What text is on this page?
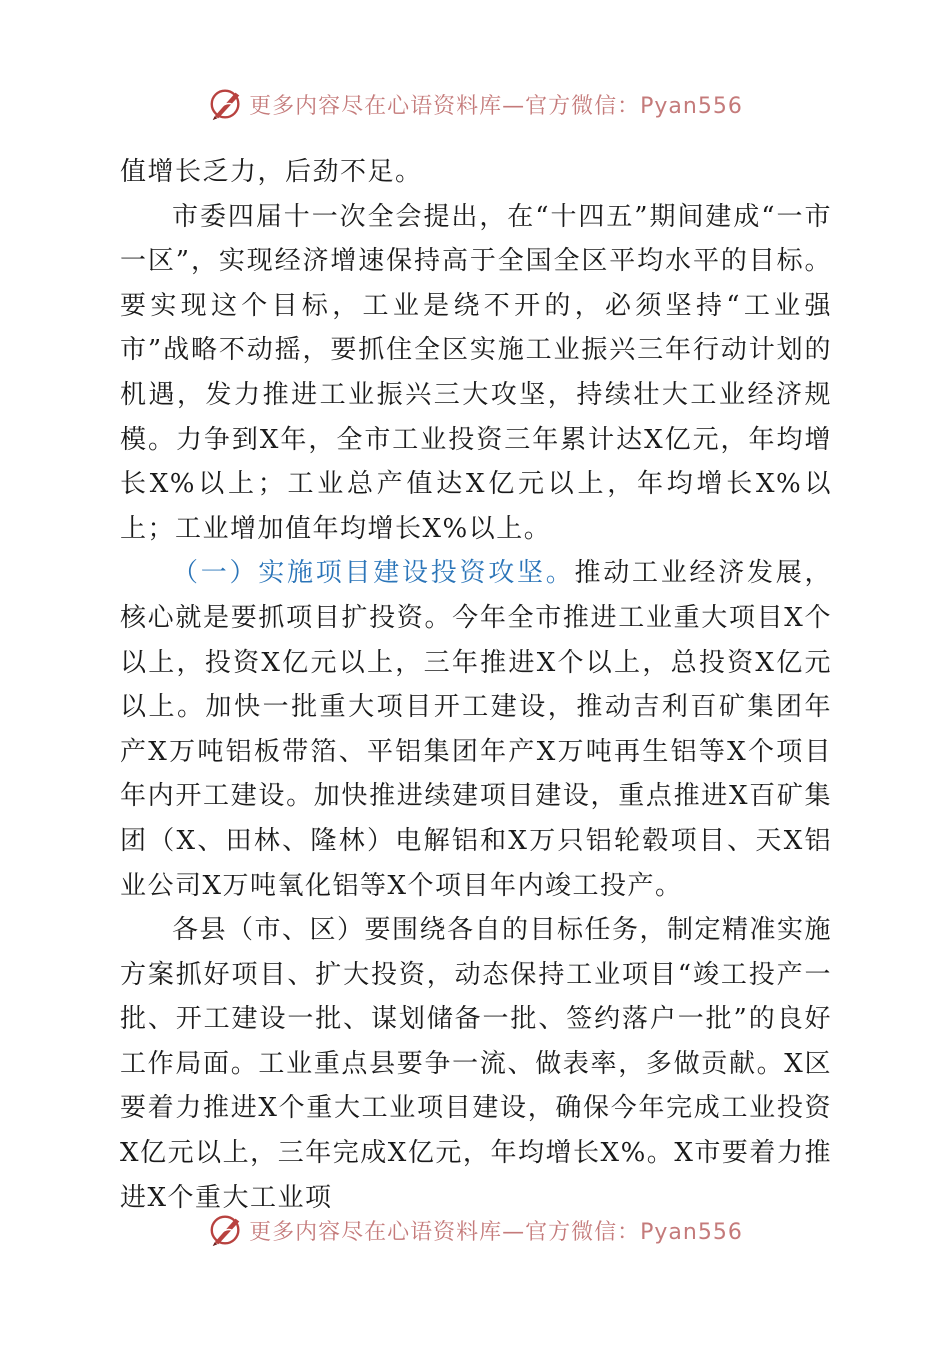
更多内容尽在心语资料库—官方微信：Pyan556

值增长乏力，后劲不足。

市委四届十一次全会提出，在“十四五”期间建成“一市一区”，实现经济增速保持高于全国全区平均水平的目标。要实现这个目标，工业是绕不开的，必须坚持“工业强市”战略不动摇，要抓住全区实施工业振兴三年行动计划的机遇，发力推进工业振兴三大攻坚，持续壮大工业经济规模。力争到X年，全市工业投资三年累计达X亿元，年均增长X%以上；工业总产值达X亿元以上，年均增长X%以上；工业增加值年均增长X%以上。

（一）实施项目建设投资攻坚。推动工业经济发展，核心就是要抓项目扩投资。今年全市推进工业重大项目X个以上，投资X亿元以上，三年推进X个以上，总投资X亿元以上。加快一批重大项目开工建设，推动吉利百矿集团年产X万吨铝板带箔、平铝集团年产X万吨再生铝等X个项目年内开工建设。加快推进续建项目建设，重点推进X百矿集团（X、田林、隆林）电解铝和X万只铝轮毂项目、天X铝业公司X万吨氧化铝等X个项目年内竣工投产。

各县（市、区）要围绕各自的目标任务，制定精准实施方案抓好项目、扩大投资，动态保持工业项目“竣工投产一批、开工建设一批、谋划储备一批、签约落户一批”的良好工作局面。工业重点县要争一流、做表率，多做贡献。X区要着力推进X个重大工业项目建设，确保今年完成工业投资X亿元以上，三年完成X亿元，年均增长X%。X市要着力推进X个重大工业项

更多内容尽在心语资料库—官方微信：Pyan556
